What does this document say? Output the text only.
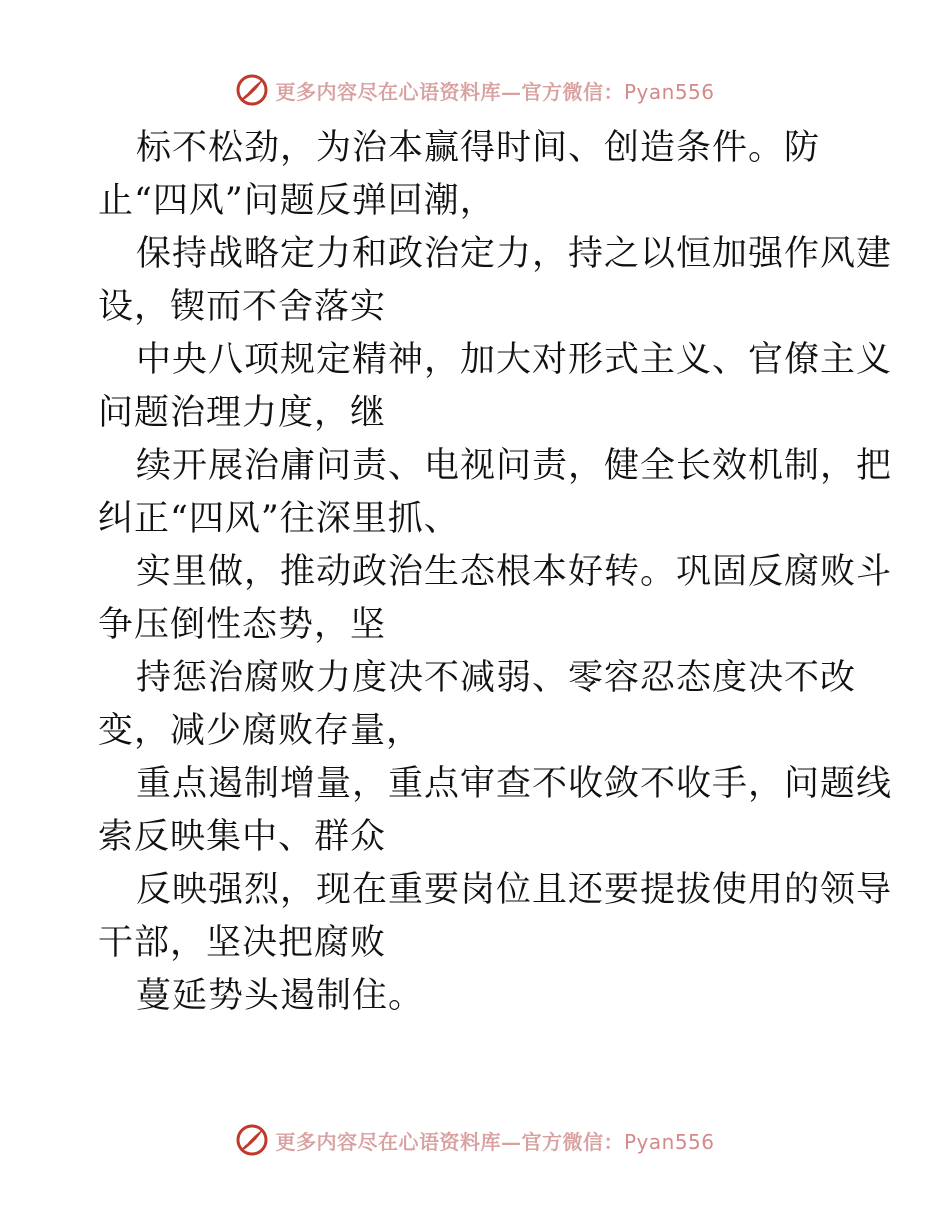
更多内容尽在心语资料库—官方微信：Pyan556
标不松劲，为治本赢得时间、创造条件。防
止“四风”问题反弹回潮，
保持战略定力和政治定力，持之以恒加强作风建
设，锲而不舍落实
中央八项规定精神，加大对形式主义、官僚主义
问题治理力度，继
续开展治庸问责、电视问责，健全长效机制，把
纠正“四风”往深里抓、
实里做，推动政治生态根本好转。巩固反腐败斗
争压倒性态势，坚
持惩治腐败力度决不减弱、零容忍态度决不改
变，减少腐败存量，
重点遏制增量，重点审查不收敛不收手，问题线
索反映集中、群众
反映强烈，现在重要岗位且还要提拔使用的领导
干部，坚决把腐败
蔓延势头遏制住。
更多内容尽在心语资料库—官方微信：Pyan556
